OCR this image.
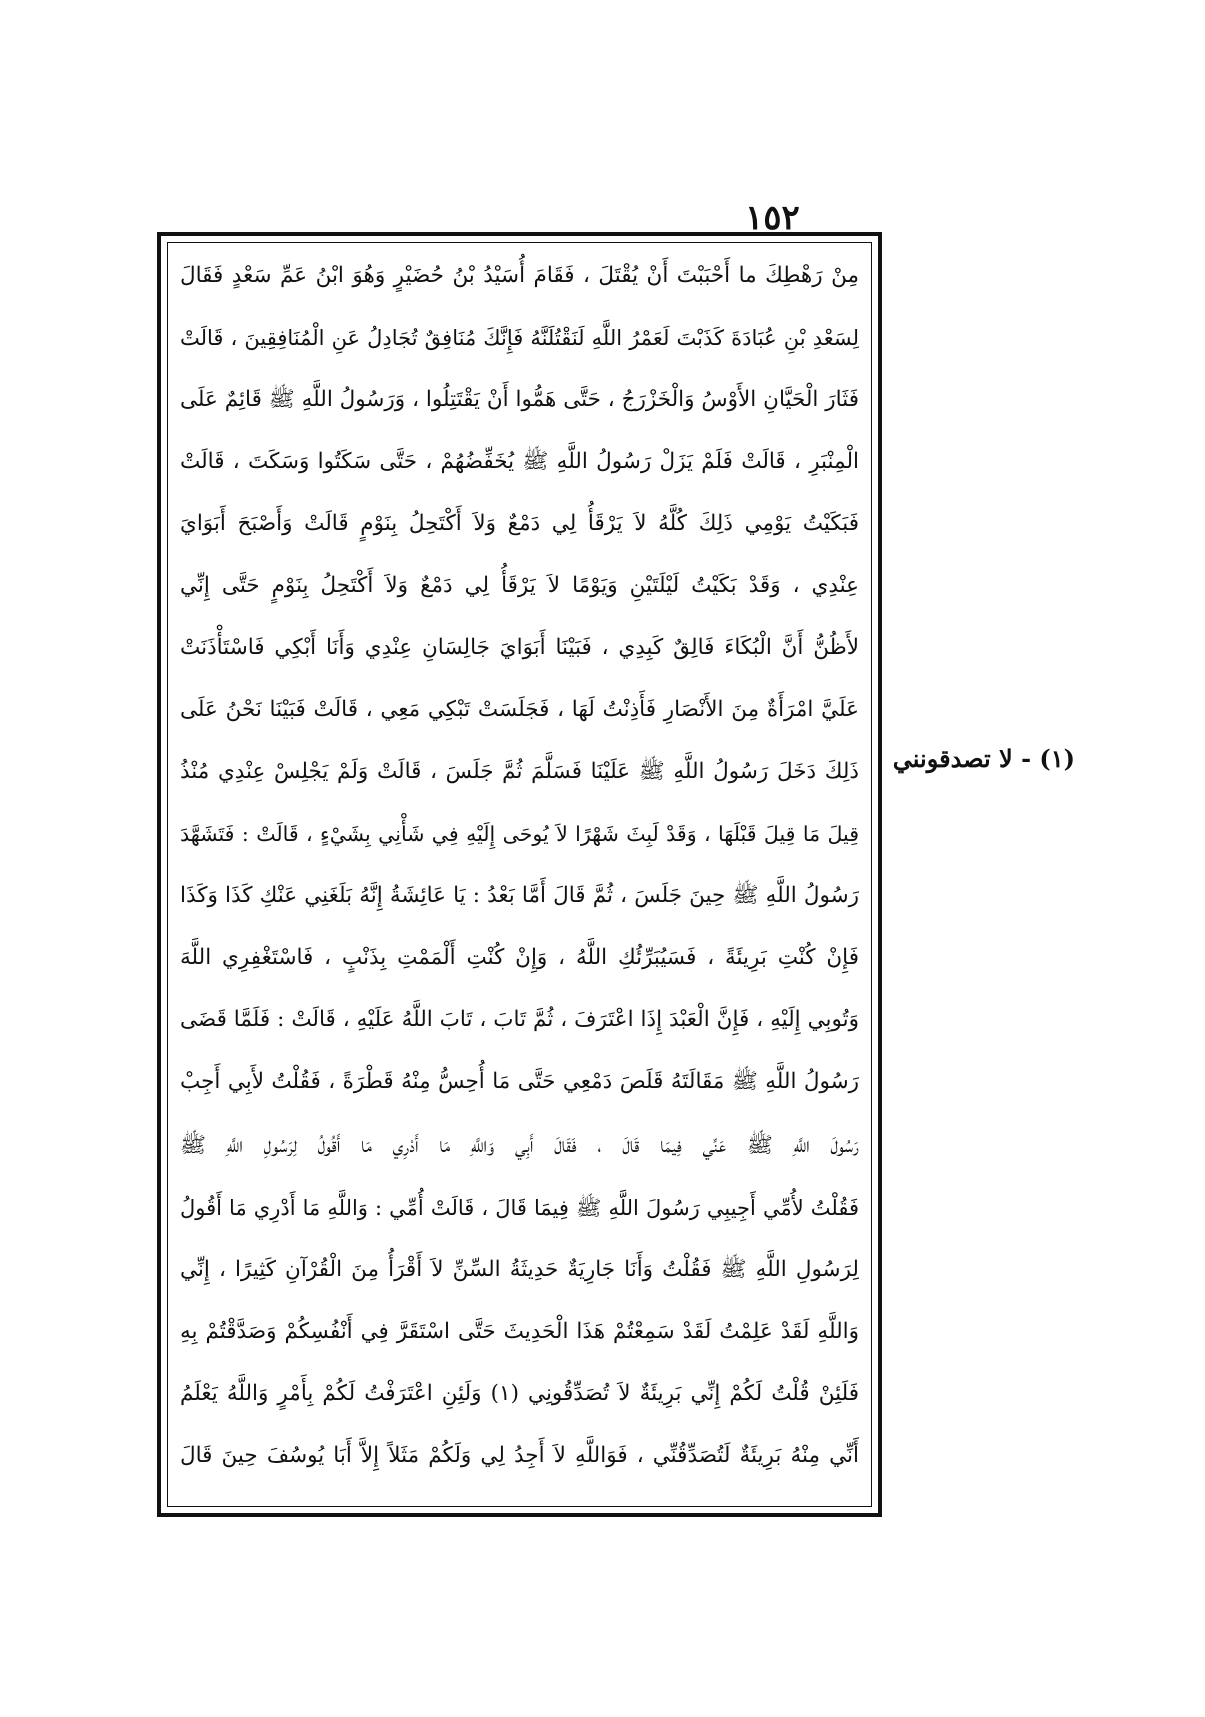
١٥٢
مِنْ رَهْطِكَ ما أَحْبَبْتَ أَنْ يُقْتَلَ ، فَقَامَ أُسَيْدُ بْنُ حُضَيْرٍ وَهُوَ ابْنُ عَمِّ سَعْدٍ فَقَالَ
لِسَعْدِ بْنِ عُبَادَةَ كَذَبْتَ لَعَمْرُ اللَّهِ لَنَقْتُلَنَّهُ فَإِنَّكَ مُنَافِقٌ تُجَادِلُ عَنِ الْمُنَافِقِينَ ، قَالَتْ
فَثَارَ الْحَيَّانِ الأَوْسُ وَالْخَزْرَجُ ، حَتَّى هَمُّوا أَنْ يَقْتَتِلُوا ، وَرَسُولُ اللَّهِ ﷺ قَائِمٌ عَلَى
الْمِنْبَرِ ، قَالَتْ فَلَمْ يَزَلْ رَسُولُ اللَّهِ ﷺ يُخَفِّضُهُمْ ، حَتَّى سَكَتُوا وَسَكَتَ ، قَالَتْ
فَبَكَيْتُ يَوْمِي ذَلِكَ كُلَّهُ لاَ يَرْقَأُ لِي دَمْعٌ وَلاَ أَكْتَحِلُ بِنَوْمٍ قَالَتْ وَأَصْبَحَ أَبَوَايَ
عِنْدِي ، وَقَدْ بَكَيْتُ لَيْلَتَيْنِ وَيَوْمًا لاَ يَرْقَأُ لِي دَمْعٌ وَلاَ أَكْتَحِلُ بِنَوْمٍ حَتَّى إِنِّي
لأَظُنُّ أَنَّ الْبُكَاءَ فَالِقٌ كَبِدِي ، فَبَيْنَا أَبَوَايَ جَالِسَانِ عِنْدِي وَأَنَا أَبْكِي فَاسْتَأْذَنَتْ
عَلَيَّ امْرَأَةٌ مِنَ الأَنْصَارِ فَأَذِنْتُ لَهَا ، فَجَلَسَتْ تَبْكِي مَعِي ، قَالَتْ فَبَيْنَا نَحْنُ عَلَى
ذَلِكَ دَخَلَ رَسُولُ اللَّهِ ﷺ عَلَيْنَا فَسَلَّمَ ثُمَّ جَلَسَ ، قَالَتْ وَلَمْ يَجْلِسْ عِنْدِي مُنْذُ
قِيلَ مَا قِيلَ قَبْلَهَا ، وَقَدْ لَبِثَ شَهْرًا لاَ يُوحَى إِلَيْهِ فِي شَأْنِي بِشَيْءٍ ، قَالَتْ : فَتَشَهَّدَ
رَسُولُ اللَّهِ ﷺ حِينَ جَلَسَ ، ثُمَّ قَالَ أَمَّا بَعْدُ : يَا عَائِشَةُ إِنَّهُ بَلَغَنِي عَنْكِ كَذَا وَكَذَا
فَإِنْ كُنْتِ بَرِيئَةً ، فَسَيُبَرِّئُكِ اللَّهُ ، وَإِنْ كُنْتِ أَلْمَمْتِ بِذَنْبٍ ، فَاسْتَغْفِرِي اللَّهَ
وَتُوبِي إِلَيْهِ ، فَإِنَّ الْعَبْدَ إِذَا اعْتَرَفَ ، ثُمَّ تَابَ ، تَابَ اللَّهُ عَلَيْهِ ، قَالَتْ : فَلَمَّا قَضَى
رَسُولُ اللَّهِ ﷺ مَقَالَتَهُ قَلَصَ دَمْعِي حَتَّى مَا أُحِسُّ مِنْهُ قَطْرَةً ، فَقُلْتُ لأَبِي أَجِبْ
رَسُولَ اللَّهِ ﷺ عَنِّي فِيمَا قَالَ ، فَقَالَ أَبِي وَاللَّهِ مَا أَدْرِي مَا أَقُولُ لِرَسُولِ اللَّهِ ﷺ
فَقُلْتُ لأُمِّي أَجِيبِي رَسُولَ اللَّهِ ﷺ فِيمَا قَالَ ، قَالَتْ أُمِّي : وَاللَّهِ مَا أَدْرِي مَا أَقُولُ
لِرَسُولِ اللَّهِ ﷺ فَقُلْتُ وَأَنَا جَارِيَةٌ حَدِيثَةُ السِّنِّ لاَ أَقْرَأُ مِنَ الْقُرْآنِ كَثِيرًا ، إِنِّي
وَاللَّهِ لَقَدْ عَلِمْتُ لَقَدْ سَمِعْتُمْ هَذَا الْحَدِيثَ حَتَّى اسْتَقَرَّ فِي أَنْفُسِكُمْ وَصَدَّقْتُمْ بِهِ
فَلَئِنْ قُلْتُ لَكُمْ إِنِّي بَرِيئَةٌ لاَ تُصَدِّقُونِي (١) وَلَئِنِ اعْتَرَفْتُ لَكُمْ بِأَمْرٍ وَاللَّهُ يَعْلَمُ
أَنِّي مِنْهُ بَرِيئَةٌ لَتُصَدِّقُنِّي ، فَوَاللَّهِ لاَ أَجِدُ لِي وَلَكُمْ مَثَلاً إِلاَّ أَبَا يُوسُفَ حِينَ قَالَ
(١) - لا تصدقونني
